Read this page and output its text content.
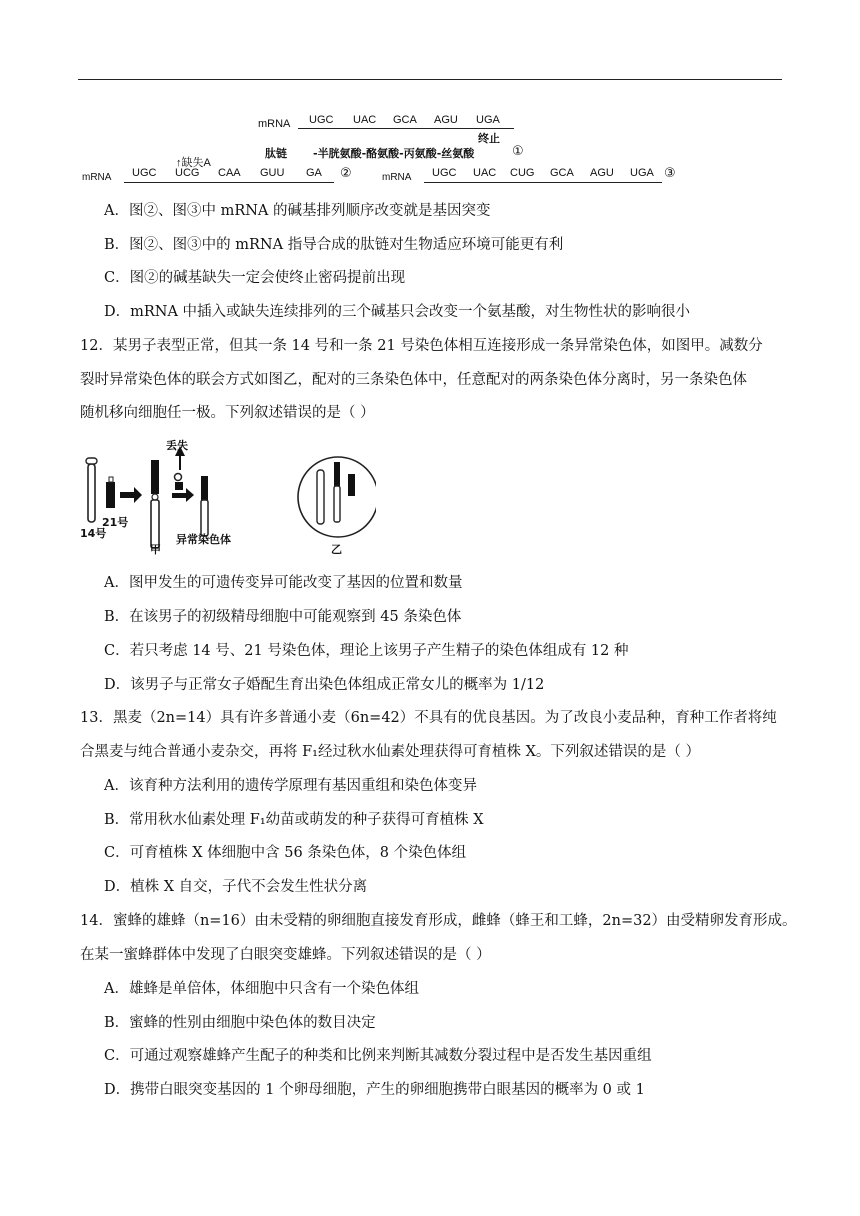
mRNA UGC UAC GCA AGU UGA
终止
肽链 -半胱氨酸-酪氨酸-丙氨酸-丝氨酸	①
↑缺失A
mRNA UGC UCG CAA GUU GA ②	mRNA UGC UAC CUG GCA AGU UGA ③
A．图②、图③中 mRNA 的碱基排列顺序改变就是基因突变
B．图②、图③中的 mRNA 指导合成的肽链对生物适应环境可能更有利
C．图②的碱基缺失一定会使终止密码提前出现
D．mRNA 中插入或缺失连续排列的三个碱基只会改变一个氨基酸，对生物性状的影响很小
12．某男子表型正常，但其一条 14 号和一条 21 号染色体相互连接形成一条异常染色体，如图甲。减数分
裂时异常染色体的联会方式如图乙，配对的三条染色体中，任意配对的两条染色体分离时，另一条染色体
随机移向细胞任一极。下列叙述错误的是（ ）
丢失
21号
14号
甲
异常染色体
乙
A．图甲发生的可遗传变异可能改变了基因的位置和数量
B．在该男子的初级精母细胞中可能观察到 45 条染色体
C．若只考虑 14 号、21 号染色体，理论上该男子产生精子的染色体组成有 12 种
D．该男子与正常女子婚配生育出染色体组成正常女儿的概率为 1/12
13．黑麦（2n=14）具有许多普通小麦（6n=42）不具有的优良基因。为了改良小麦品种，育种工作者将纯
合黑麦与纯合普通小麦杂交，再将 F₁经过秋水仙素处理获得可育植株 X。下列叙述错误的是（ ）
A．该育种方法利用的遗传学原理有基因重组和染色体变异
B．常用秋水仙素处理 F₁幼苗或萌发的种子获得可育植株 X
C．可育植株 X 体细胞中含 56 条染色体，8 个染色体组
D．植株 X 自交，子代不会发生性状分离
14．蜜蜂的雄蜂（n=16）由未受精的卵细胞直接发育形成，雌蜂（蜂王和工蜂，2n=32）由受精卵发育形成。
在某一蜜蜂群体中发现了白眼突变雄蜂。下列叙述错误的是（ ）
A．雄蜂是单倍体，体细胞中只含有一个染色体组
B．蜜蜂的性别由细胞中染色体的数目决定
C．可通过观察雄蜂产生配子的种类和比例来判断其减数分裂过程中是否发生基因重组
D．携带白眼突变基因的 1 个卵母细胞，产生的卵细胞携带白眼基因的概率为 0 或 1
